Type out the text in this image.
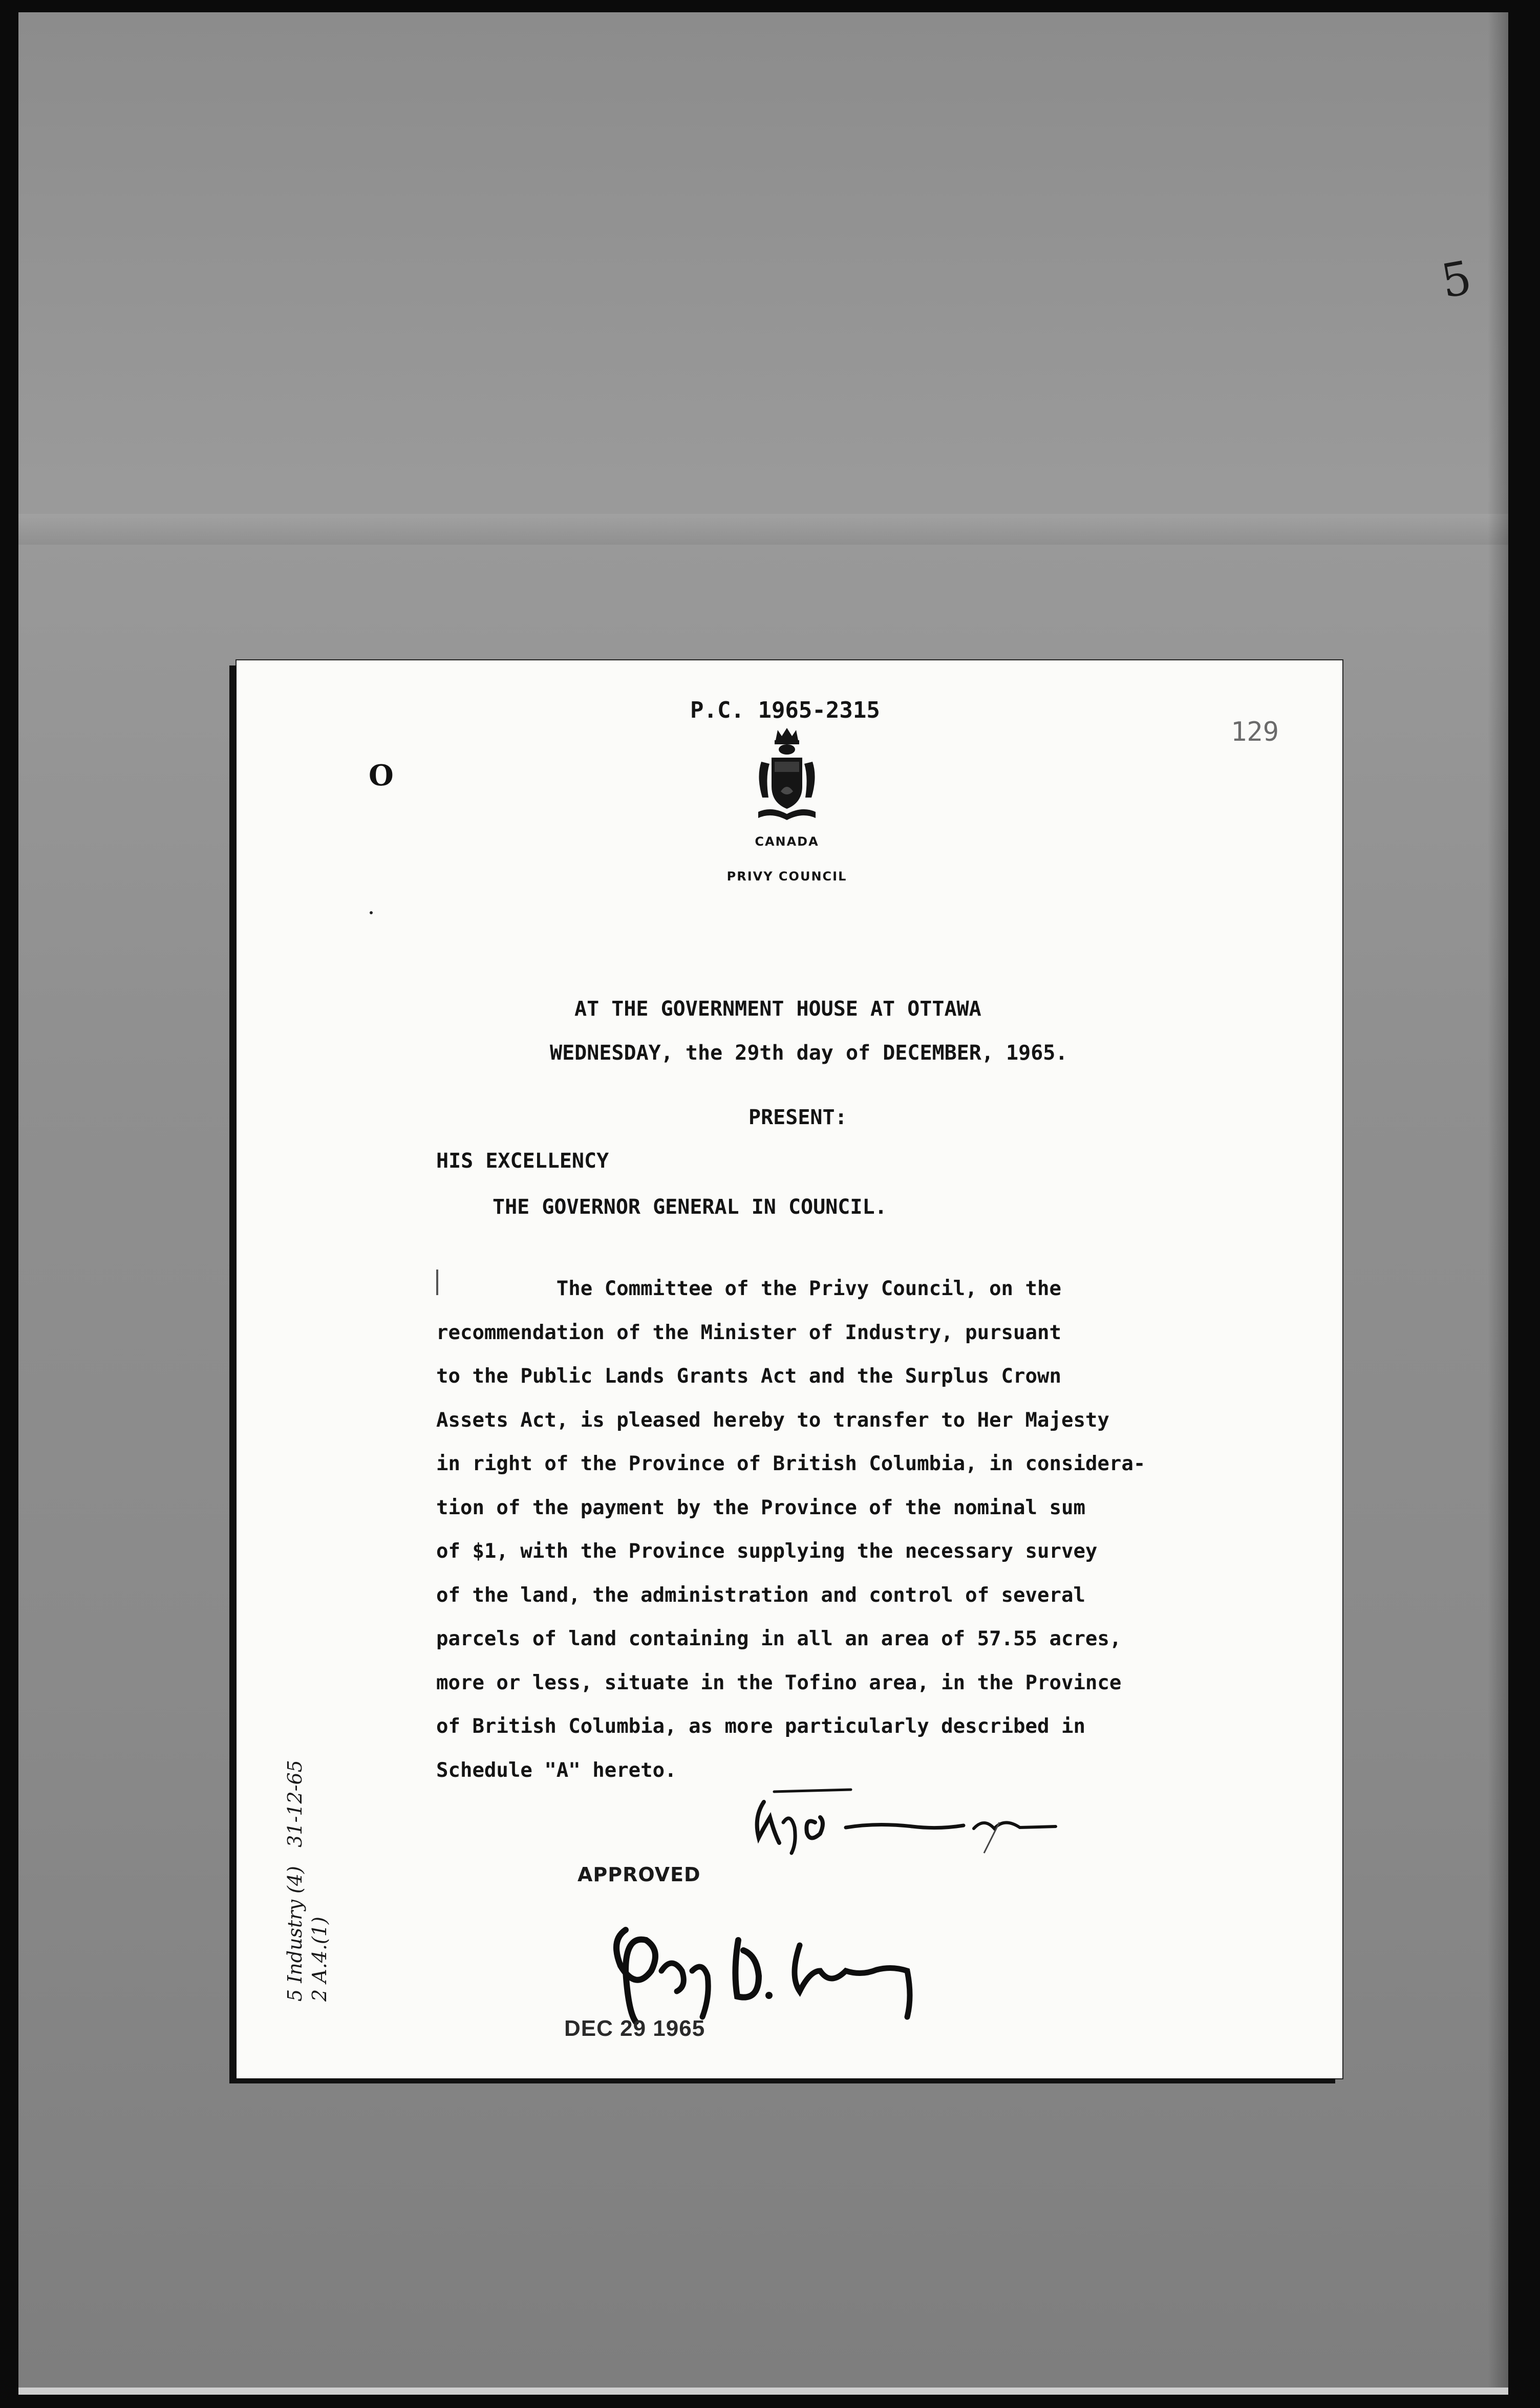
5
P.C. 1965-2315
129
O
CANADA
PRIVY COUNCIL
AT THE GOVERNMENT HOUSE AT OTTAWA
WEDNESDAY, the 29th day of DECEMBER, 1965.
PRESENT:
HIS EXCELLENCY
THE GOVERNOR GENERAL IN COUNCIL.
The Committee of the Privy Council, on the
recommendation of the Minister of Industry, pursuant
to the Public Lands Grants Act and the Surplus Crown
Assets Act, is pleased hereby to transfer to Her Majesty
in right of the Province of British Columbia, in considera-
tion of the payment by the Province of the nominal sum
of $1, with the Province supplying the necessary survey
of the land, the administration and control of several
parcels of land containing in all an area of 57.55 acres,
more or less, situate in the Tofino area, in the Province
of British Columbia, as more particularly described in
Schedule "A" hereto.
5 Industry (4)   31-12-65
2 A.4.(1)
APPROVED
DEC 29 1965
